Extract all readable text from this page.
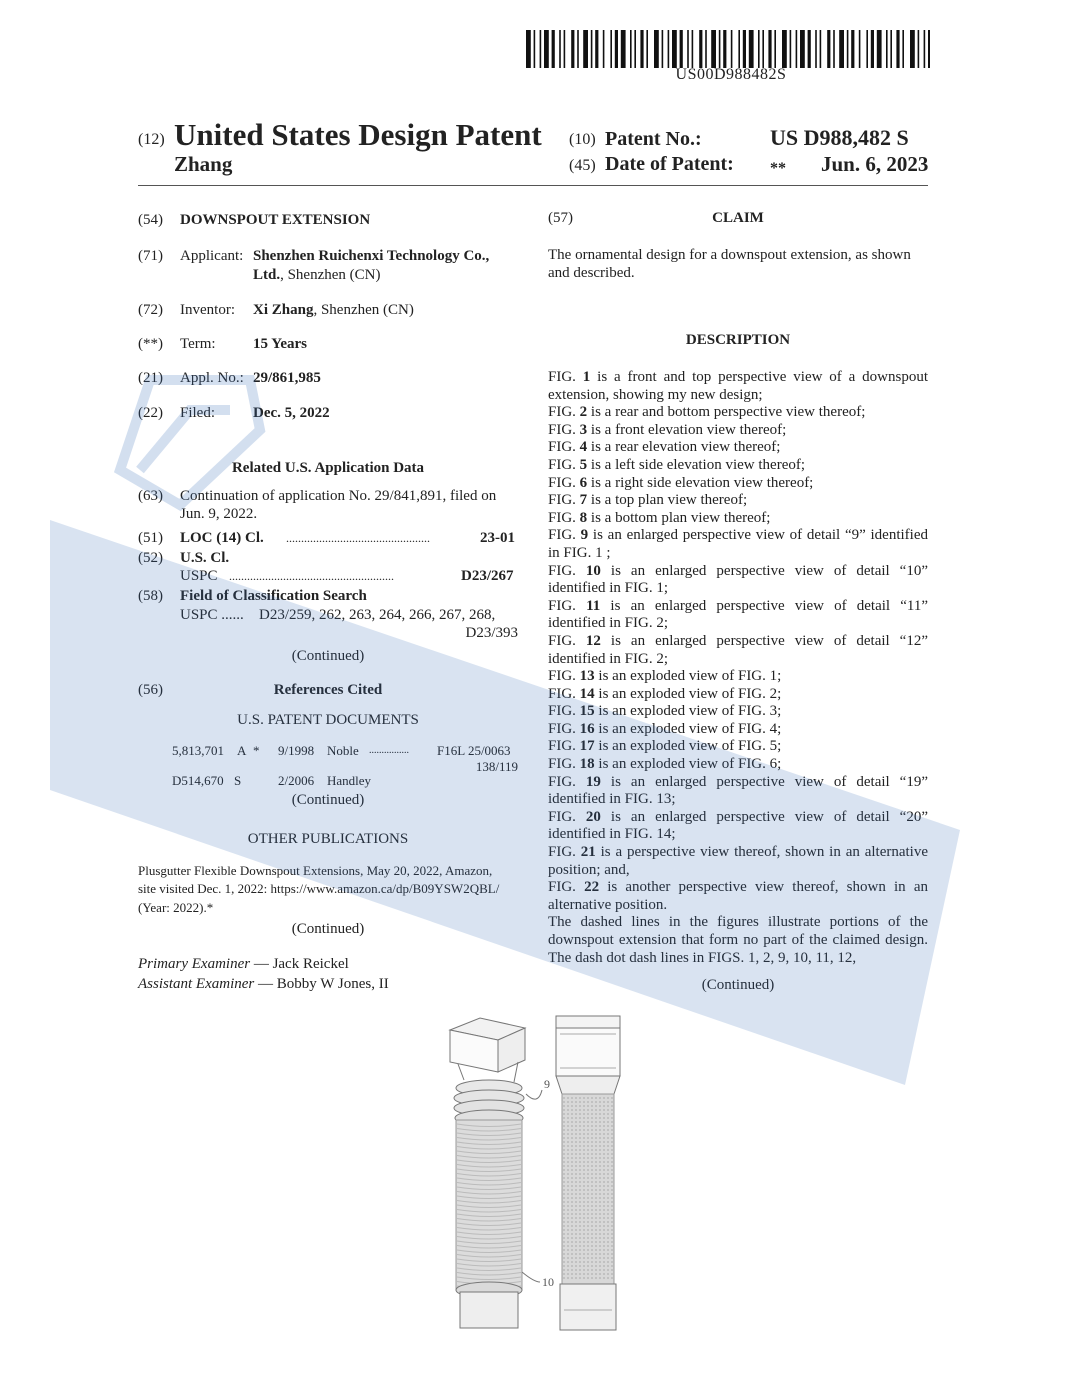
US00D988482S
(12) United States Design Patent
Zhang
(10) Patent No.:	US D988,482 S
(45) Date of Patent: ** Jun. 6, 2023
(54) DOWNSPOUT EXTENSION
(71) Applicant: Shenzhen Ruichenxi Technology Co.,
Ltd., Shenzhen (CN)
(72) Inventor: Xi Zhang, Shenzhen (CN)
(**) Term: 15 Years
(21) Appl. No.: 29/861,985
(22) Filed:	Dec. 5, 2022
Related U.S. Application Data
(63) Continuation of application No. 29/841,891, filed on
Jun. 9, 2022.
(51) LOC (14) Cl. ................................................	23-01
(52) U.S. Cl.
USPC .......................................................	D23/267
(58) Field of Classification Search
USPC ...... D23/259, 262, 263, 264, 266, 267, 268,
D23/393
(Continued)
(56)	References Cited
U.S. PATENT DOCUMENTS
5,813,701 A * 9/1998 Noble ................ F16L 25/0063
138/119
D514,670 S	2/2006 Handley
(Continued)
OTHER PUBLICATIONS
Plusgutter Flexible Downspout Extensions, May 20, 2022, Amazon,
site visited Dec. 1, 2022: https://www.amazon.ca/dp/B09YSW2QBL/
(Year: 2022).*
(Continued)
Primary Examiner — Jack Reickel
Assistant Examiner — Bobby W Jones, II
(57)	CLAIM
The ornamental design for a downspout extension, as shown
and described.
DESCRIPTION

FIG. 1 is a front and top perspective view of a downspout extension, showing my new design;

FIG. 2 is a rear and bottom perspective view thereof;

FIG. 3 is a front elevation view thereof;

FIG. 4 is a rear elevation view thereof;

FIG. 5 is a left side elevation view thereof;

FIG. 6 is a right side elevation view thereof;

FIG. 7 is a top plan view thereof;

FIG. 8 is a bottom plan view thereof;

FIG. 9 is an enlarged perspective view of detail “9” identified in FIG. 1 ;

FIG. 10 is an enlarged perspective view of detail “10” identified in FIG. 1;

FIG. 11 is an enlarged perspective view of detail “11” identified in FIG. 2;

FIG. 12 is an enlarged perspective view of detail “12” identified in FIG. 2;

FIG. 13 is an exploded view of FIG. 1;

FIG. 14 is an exploded view of FIG. 2;

FIG. 15 is an exploded view of FIG. 3;

FIG. 16 is an exploded view of FIG. 4;

FIG. 17 is an exploded view of FIG. 5;

FIG. 18 is an exploded view of FIG. 6;

FIG. 19 is an enlarged perspective view of detail “19” identified in FIG. 13;

FIG. 20 is an enlarged perspective view of detail “20” identified in FIG. 14;

FIG. 21 is a perspective view thereof, shown in an alternative position; and,

FIG. 22 is another perspective view thereof, shown in an alternative position.

The dashed lines in the figures illustrate portions of the downspout extension that form no part of the claimed design. The dash dot dash lines in FIGS. 1, 2, 9, 10, 11, 12,

(Continued)
9
10
